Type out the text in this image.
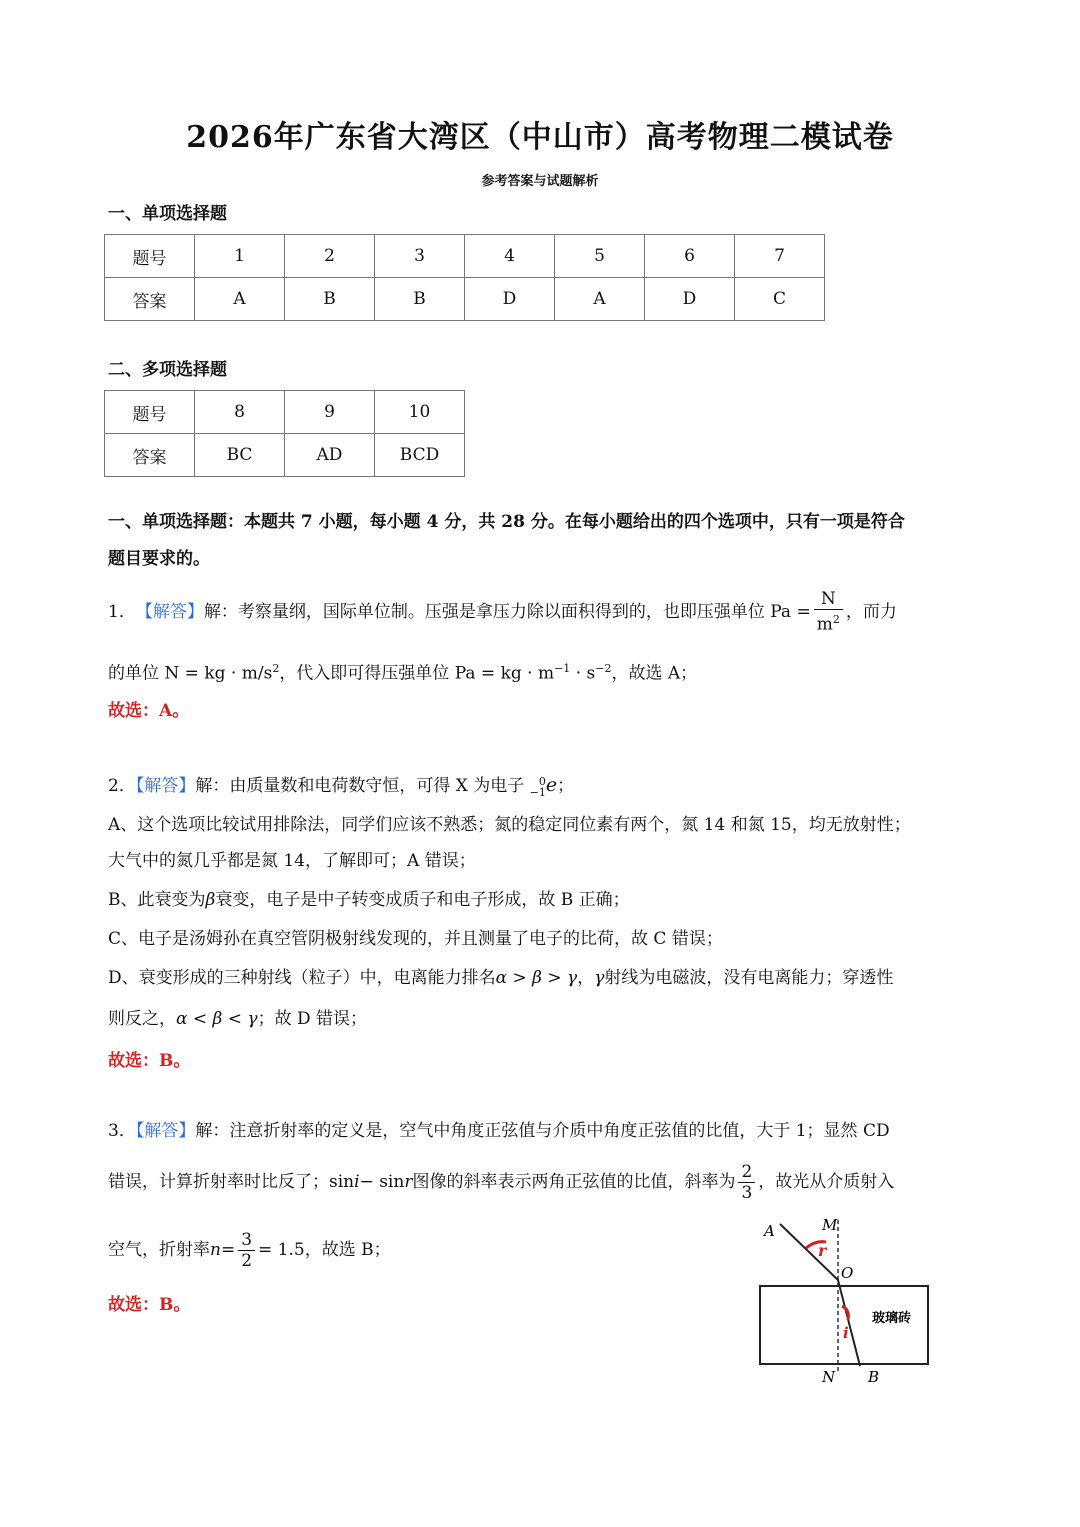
2026年广东省大湾区（中山市）高考物理二模试卷
参考答案与试题解析
一、单项选择题
题号	1	2	3	4	5	6	7
答案	A	B	B	D	A	D	C
二、多项选择题
题号	8	9	10
答案	BC	AD	BCD
一、单项选择题：本题共 7 小题，每小题 4 分，共 28 分。在每小题给出的四个选项中，只有一项是符合
题目要求的。
1． 【解答】 解：考察量纲，国际单位制。压强是拿压力除以面积得到的，也即压强单位 $Pa = \frac{N}{m^2}$ ，而力
的单位 N = kg · $m/s^2$，代入即可得压强单位 Pa = kg · $m^{-1} \cdot s^{-2}$，故选 A；
故选：A。
2．【解答】解：由质量数和电荷数守恒，可得 X 为电子	0
−1 e；
A、这个选项比较试用排除法，同学们应该不熟悉；氮的稳定同位素有两个，氮 14 和氮 15，均无放射性；
大气中的氮几乎都是氮 14，了解即可；A 错误；
B、此衰变为β衰变，电子是中子转变成质子和电子形成，故 B 正确；
C、电子是汤姆孙在真空管阴极射线发现的，并且测量了电子的比荷，故 C 错误；
D、衰变形成的三种射线（粒子）中，电离能力排名α > β > γ，γ射线为电磁波，没有电离能力；穿透性
则反之，α < β < γ；故 D 错误；
故选：B。
3．【解答】解：注意折射率的定义是，空气中角度正弦值与介质中角度正弦值的比值，大于 1；显然 CD
错误，计算折射率时比反了；sin i − sin r 图像的斜率表示两角正弦值的比值，斜率为 $\frac{2}{3}$ ，故光从介质射入
空气，折射率 $n = \frac{3}{2} = 1.5$，故选 B；
故选：B。
r
i
A	M
O
N B
玻璃砖
